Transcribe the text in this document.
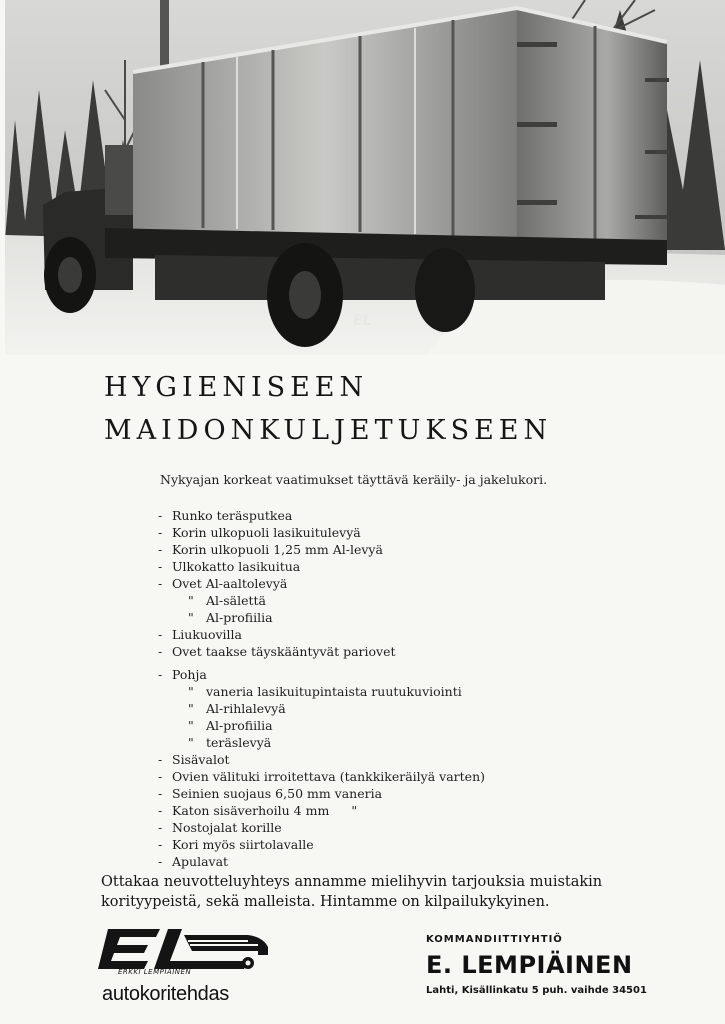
EL
HYGIENISEEN
MAIDONKULJETUKSEEN
Nykyajan korkeat vaatimukset täyttävä keräily- ja jakelukori.
- Runko teräsputkea
- Korin ulkopuoli lasikuitulevyä
- Korin ulkopuoli 1,25 mm Al-levyä
- Ulkokatto lasikuitua
- Ovet Al-aaltolevyä
" Al-sälettä
" Al-profiilia
- Liukuovilla
- Ovet taakse täyskääntyvät pariovet
- Pohja
" vaneria lasikuitupintaista ruutukuviointi
" Al-rihlalevyä
" Al-profiilia
" teräslevyä
- Sisävalot
- Ovien välituki irroitettava (tankkikeräilyä varten)
- Seinien suojaus 6,50 mm vaneria
- Katon sisäverhoilu 4 mm "
- Nostojalat korille
- Kori myös siirtolavalle
- Apulavat
Ottakaa neuvotteluyhteys annamme mielihyvin tarjouksia muistakin
korityypeistä, sekä malleista. Hintamme on kilpailukykyinen.
ERKKI LEMPIÄINEN
autokoritehdas
KOMMANDIITTIYHTIÖ
E. LEMPIÄINEN
Lahti, Kisällinkatu 5 puh. vaihde 34501
